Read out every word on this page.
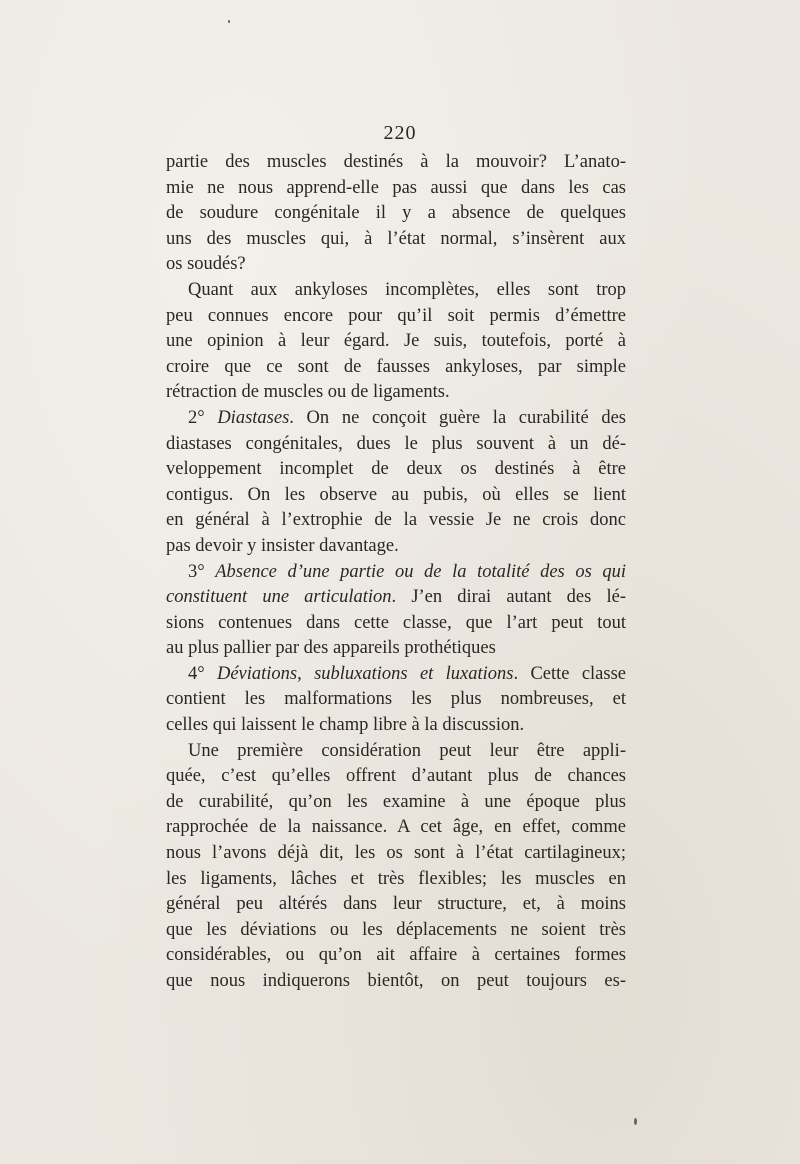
220
partie des muscles destinés à la mouvoir? L’anato-
mie ne nous apprend-elle pas aussi que dans les cas
de soudure congénitale il y a absence de quelques
uns des muscles qui, à l’état normal, s’insèrent aux
os soudés?
Quant aux ankyloses incomplètes, elles sont trop
peu connues encore pour qu’il soit permis d’émettre
une opinion à leur égard. Je suis, toutefois, porté à
croire que ce sont de fausses ankyloses, par simple
rétraction de muscles ou de ligaments.
2° Diastases. On ne conçoit guère la curabilité des
diastases congénitales, dues le plus souvent à un dé-
veloppement incomplet de deux os destinés à être
contigus. On les observe au pubis, où elles se lient
en général à l’extrophie de la vessie Je ne crois donc
pas devoir y insister davantage.
3° Absence d’une partie ou de la totalité des os qui
constituent une articulation. J’en dirai autant des lé-
sions contenues dans cette classe, que l’art peut tout
au plus pallier par des appareils prothétiques
4° Déviations, subluxations et luxations. Cette classe
contient les malformations les plus nombreuses, et
celles qui laissent le champ libre à la discussion.
Une première considération peut leur être appli-
quée, c’est qu’elles offrent d’autant plus de chances
de curabilité, qu’on les examine à une époque plus
rapprochée de la naissance. A cet âge, en effet, comme
nous l’avons déjà dit, les os sont à l’état cartilagineux;
les ligaments, lâches et très flexibles; les muscles en
général peu altérés dans leur structure, et, à moins
que les déviations ou les déplacements ne soient très
considérables, ou qu’on ait affaire à certaines formes
que nous indiquerons bientôt, on peut toujours es-
